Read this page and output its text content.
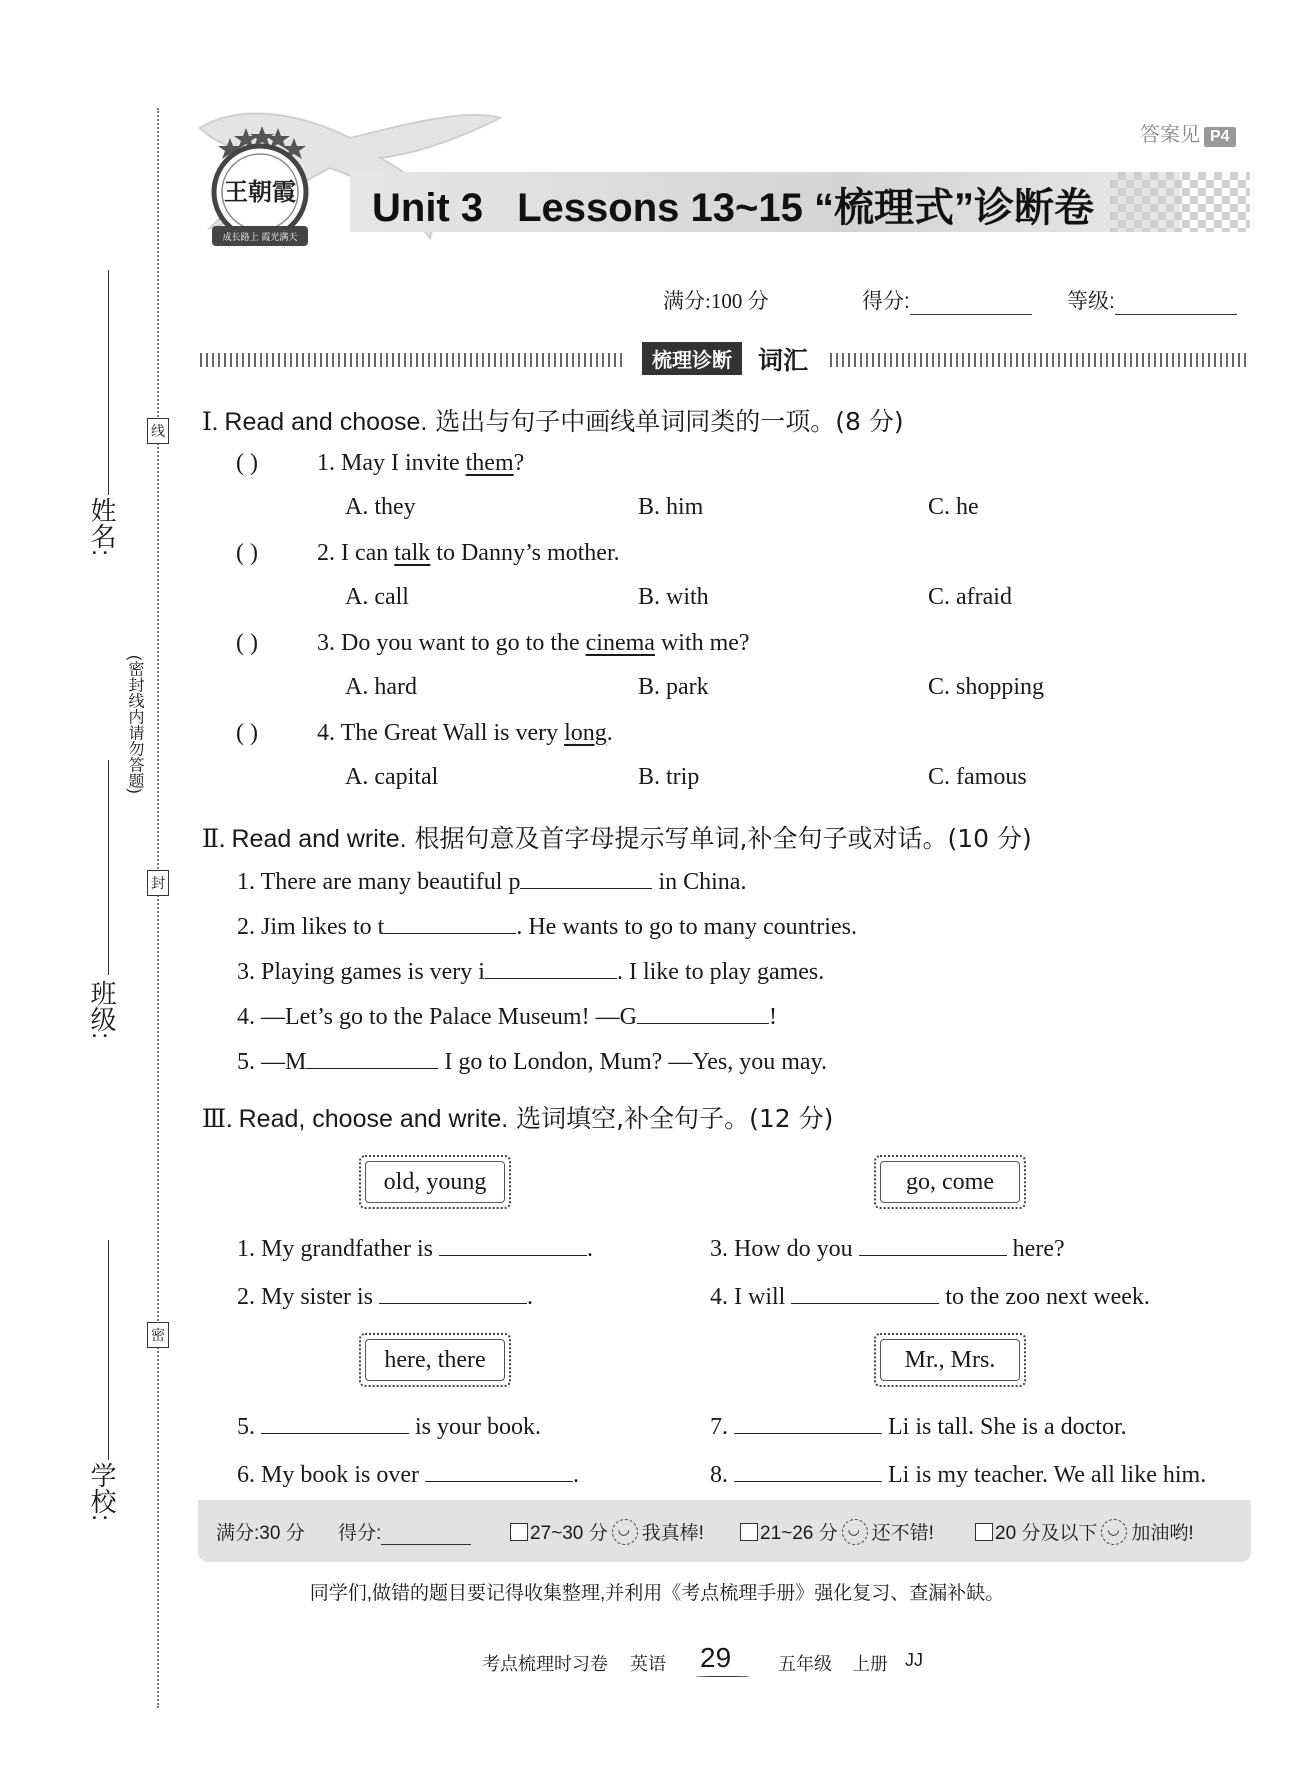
姓名:
班级:
学校:
线
(密封线内请勿答题)
封
密
答案见 P4
Unit 3 Lessons 13~15 “梳理式”诊断卷
王朝霞
成长路上 霞光满天
满分:100 分	得分:	等级:
梳理诊断	词汇
Ⅰ. Read and choose. 选出与句子中画线单词同类的一项。(8 分)
( ) 1. May I invite them?
A. they	B. him	C. he
( ) 2. I can talk to Danny’s mother.
A. call	B. with	C. afraid
( ) 3. Do you want to go to the cinema with me?
A. hard	B. park	C. shopping
( ) 4. The Great Wall is very long.
A. capital	B. trip	C. famous
Ⅱ. Read and write. 根据句意及首字母提示写单词,补全句子或对话。(10 分)
1. There are many beautiful p	in China.
2. Jim likes to t	. He wants to go to many countries.
3. Playing games is very i	. I like to play games.
4. —Let’s go to the Palace Museum! —G	!
5. —M	I go to London, Mum? —Yes, you may.
Ⅲ. Read, choose and write. 选词填空,补全句子。(12 分)
old, young	go, come
1. My grandfather is	.	3. How do you	here?
2. My sister is	.	4. I will	to the zoo next week.
here, there	Mr., Mrs.
5.	is your book.	7.	Li is tall. She is a doctor.
6. My book is over	.	8.	Li is my teacher. We all like him.
满分:30 分 得分:	27~30 分 ◡ 我真棒!	21~26 分 ◡ 还不错!	20 分及以下 ◡ 加油哟!
同学们,做错的题目要记得收集整理,并利用《考点梳理手册》强化复习、查漏补缺。
考点梳理时习卷 英语 29	五年级 上册 JJ
